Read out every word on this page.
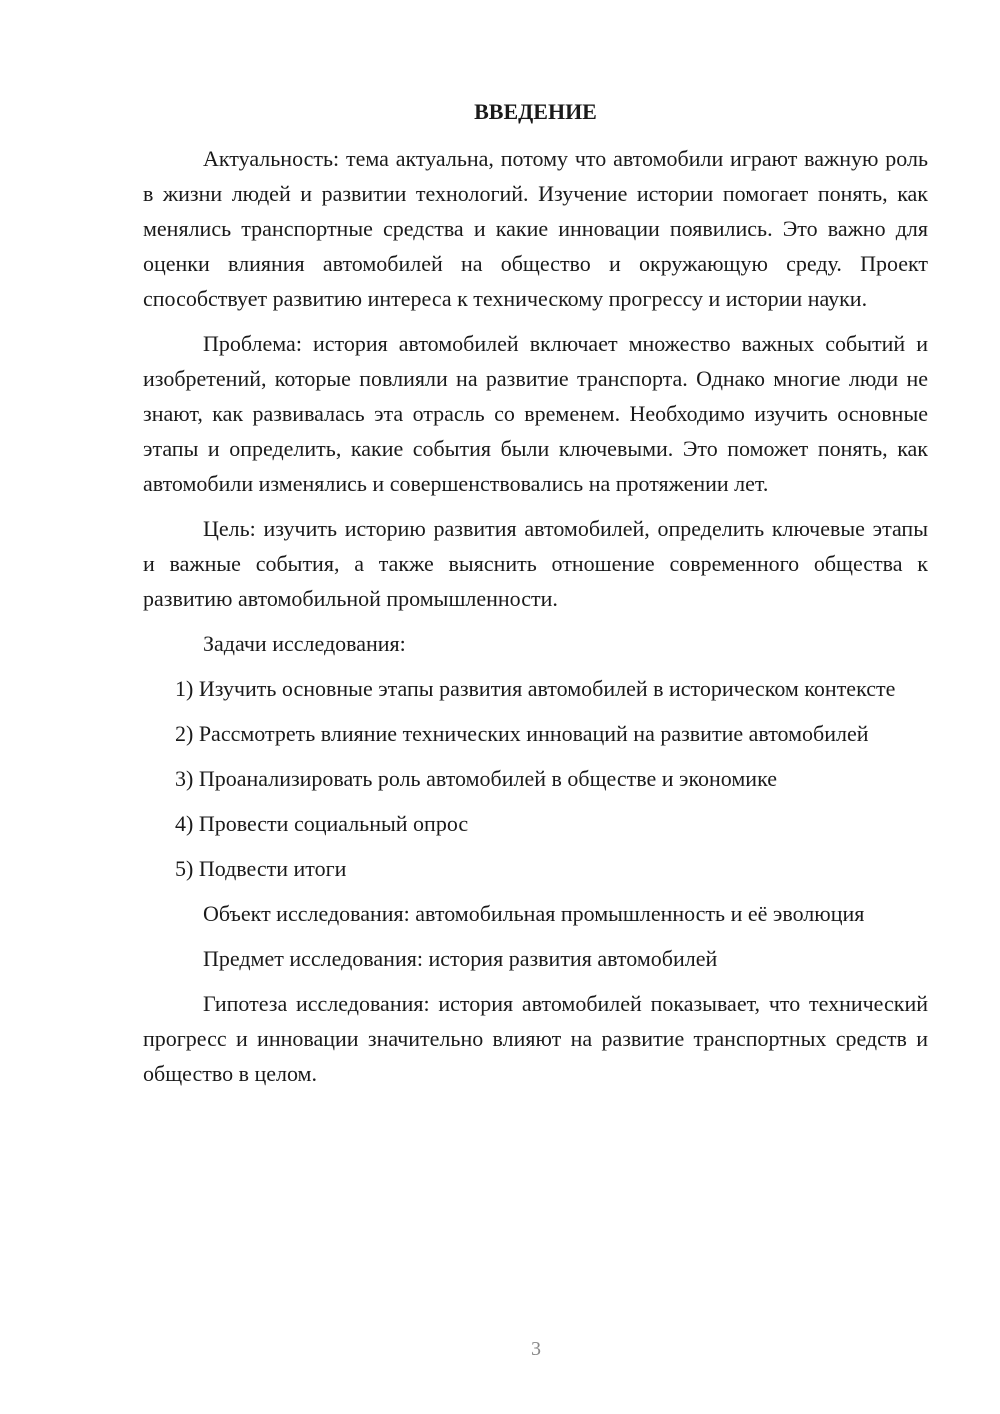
ВВЕДЕНИЕ

Актуальность: тема актуальна, потому что автомобили играют важную роль в жизни людей и развитии технологий. Изучение истории помогает понять, как менялись транспортные средства и какие инновации появились. Это важно для оценки влияния автомобилей на общество и окружающую среду. Проект способствует развитию интереса к техническому прогрессу и истории науки.

Проблема: история автомобилей включает множество важных событий и изобретений, которые повлияли на развитие транспорта. Однако многие люди не знают, как развивалась эта отрасль со временем. Необходимо изучить основные этапы и определить, какие события были ключевыми. Это поможет понять, как автомобили изменялись и совершенствовались на протяжении лет.

Цель: изучить историю развития автомобилей, определить ключевые этапы и важные события, а также выяснить отношение современного общества к развитию автомобильной промышленности.

Задачи исследования:

1) Изучить основные этапы развития автомобилей в историческом контексте

2) Рассмотреть влияние технических инноваций на развитие автомобилей

3) Проанализировать роль автомобилей в обществе и экономике

4) Провести социальный опрос

5) Подвести итоги

Объект исследования: автомобильная промышленность и её эволюция

Предмет исследования: история развития автомобилей

Гипотеза исследования: история автомобилей показывает, что технический прогресс и инновации значительно влияют на развитие транспортных средств и общество в целом.

3
